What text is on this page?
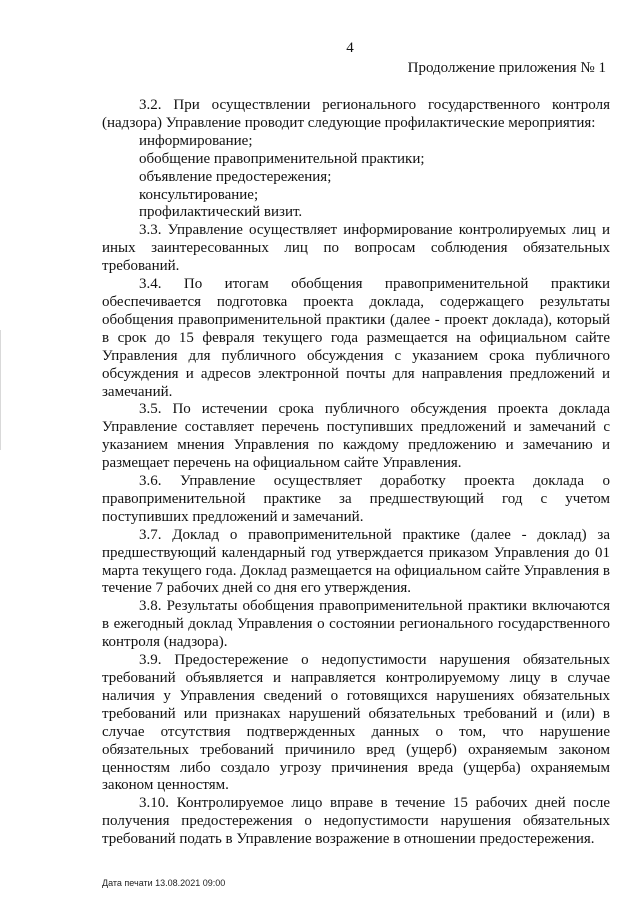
4
Продолжение приложения № 1

3.2. При осуществлении регионального государственного контроля (надзора) Управление проводит следующие профилактические мероприятия:

информирование;

обобщение правоприменительной практики;

объявление предостережения;

консультирование;

профилактический визит.

3.3. Управление осуществляет информирование контролируемых лиц и иных заинтересованных лиц по вопросам соблюдения обязательных требований.

3.4. По итогам обобщения правоприменительной практики обеспечивается подготовка проекта доклада, содержащего результаты обобщения правоприменительной практики (далее - проект доклада), который в срок до 15 февраля текущего года размещается на официальном сайте Управления для публичного обсуждения с указанием срока публичного обсуждения и адресов электронной почты для направления предложений и замечаний.

3.5. По истечении срока публичного обсуждения проекта доклада Управление составляет перечень поступивших предложений и замечаний с указанием мнения Управления по каждому предложению и замечанию и размещает перечень на официальном сайте Управления.

3.6. Управление осуществляет доработку проекта доклада о правоприменительной практике за предшествующий год с учетом поступивших предложений и замечаний.

3.7. Доклад о правоприменительной практике (далее - доклад) за предшествующий календарный год утверждается приказом Управления до 01 марта текущего года. Доклад размещается на официальном сайте Управления в течение 7 рабочих дней со дня его утверждения.

3.8. Результаты обобщения правоприменительной практики включаются в ежегодный доклад Управления о состоянии регионального государственного контроля (надзора).

3.9. Предостережение о недопустимости нарушения обязательных требований объявляется и направляется контролируемому лицу в случае наличия у Управления сведений о готовящихся нарушениях обязательных требований или признаках нарушений обязательных требований и (или) в случае отсутствия подтвержденных данных о том, что нарушение обязательных требований причинило вред (ущерб) охраняемым законом ценностям либо создало угрозу причинения вреда (ущерба) охраняемым законом ценностям.

3.10. Контролируемое лицо вправе в течение 15 рабочих дней после получения предостережения о недопустимости нарушения обязательных требований подать в Управление возражение в отношении предостережения.

Дата печати 13.08.2021 09:00
